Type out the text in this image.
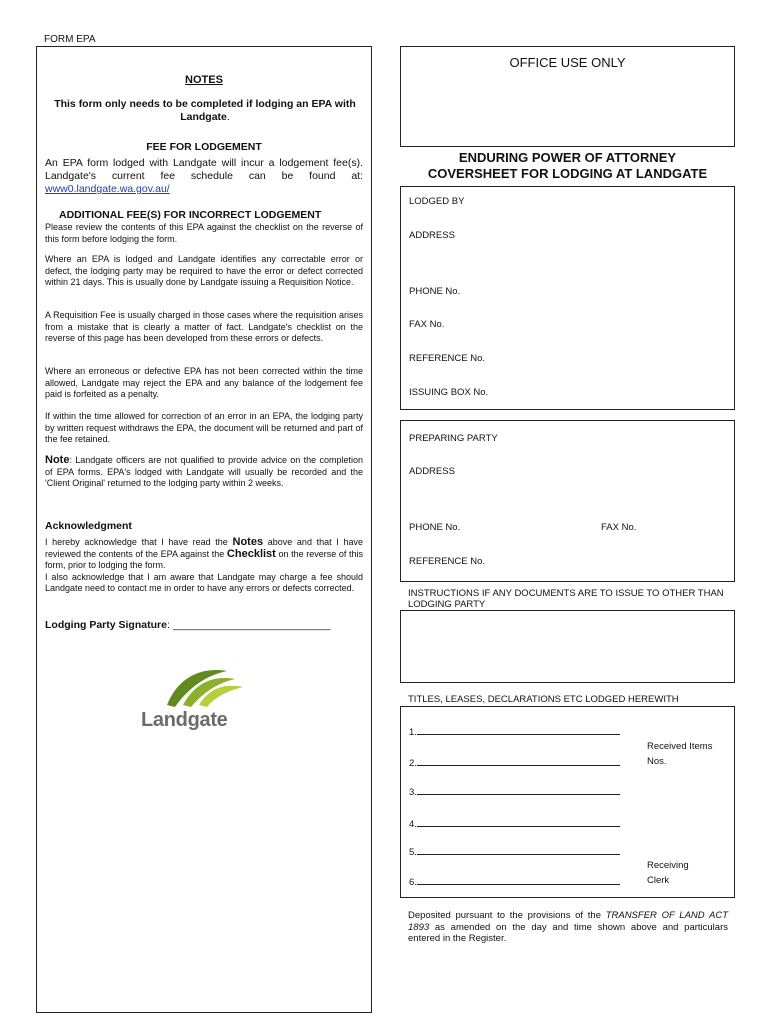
FORM EPA
NOTES
This form only needs to be completed if lodging an EPA with Landgate.
FEE FOR LODGEMENT
An EPA form lodged with Landgate will incur a lodgement fee(s). Landgate's current fee schedule can be found at: www0.landgate.wa.gov.au/
ADDITIONAL FEE(S) FOR INCORRECT LODGEMENT
Please review the contents of this EPA against the checklist on the reverse of this form before lodging the form.
Where an EPA is lodged and Landgate identifies any correctable error or defect, the lodging party may be required to have the error or defect corrected within 21 days. This is usually done by Landgate issuing a Requisition Notice.
A Requisition Fee is usually charged in those cases where the requisition arises from a mistake that is clearly a matter of fact. Landgate's checklist on the reverse of this page has been developed from these errors or defects.
Where an erroneous or defective EPA has not been corrected within the time allowed, Landgate may reject the EPA and any balance of the lodgement fee paid is forfeited as a penalty.
If within the time allowed for correction of an error in an EPA, the lodging party by written request withdraws the EPA, the document will be returned and part of the fee retained.
Note: Landgate officers are not qualified to provide advice on the completion of EPA forms. EPA's lodged with Landgate will usually be recorded and the 'Client Original' returned to the lodging party within 2 weeks.
Acknowledgment
I hereby acknowledge that I have read the Notes above and that I have reviewed the contents of the EPA against the Checklist on the reverse of this form, prior to lodging the form.
I also acknowledge that I am aware that Landgate may charge a fee should Landgate need to contact me in order to have any errors or defects corrected.
Lodging Party Signature: ___________________________
Landgate
OFFICE USE ONLY
ENDURING POWER OF ATTORNEY
COVERSHEET FOR LODGING AT LANDGATE
LODGED BY
ADDRESS
PHONE No.
FAX No.
REFERENCE No.
ISSUING BOX No.
PREPARING PARTY
ADDRESS
PHONE No.	FAX No.
REFERENCE No.
INSTRUCTIONS IF ANY DOCUMENTS ARE TO ISSUE TO OTHER THAN LODGING PARTY
TITLES, LEASES, DECLARATIONS ETC LODGED HEREWITH
1.
2.
3.
4.
5.
6.
Received Items
Nos.
Receiving
Clerk
Deposited pursuant to the provisions of the TRANSFER OF LAND ACT 1893 as amended on the day and time shown above and particulars entered in the Register.
